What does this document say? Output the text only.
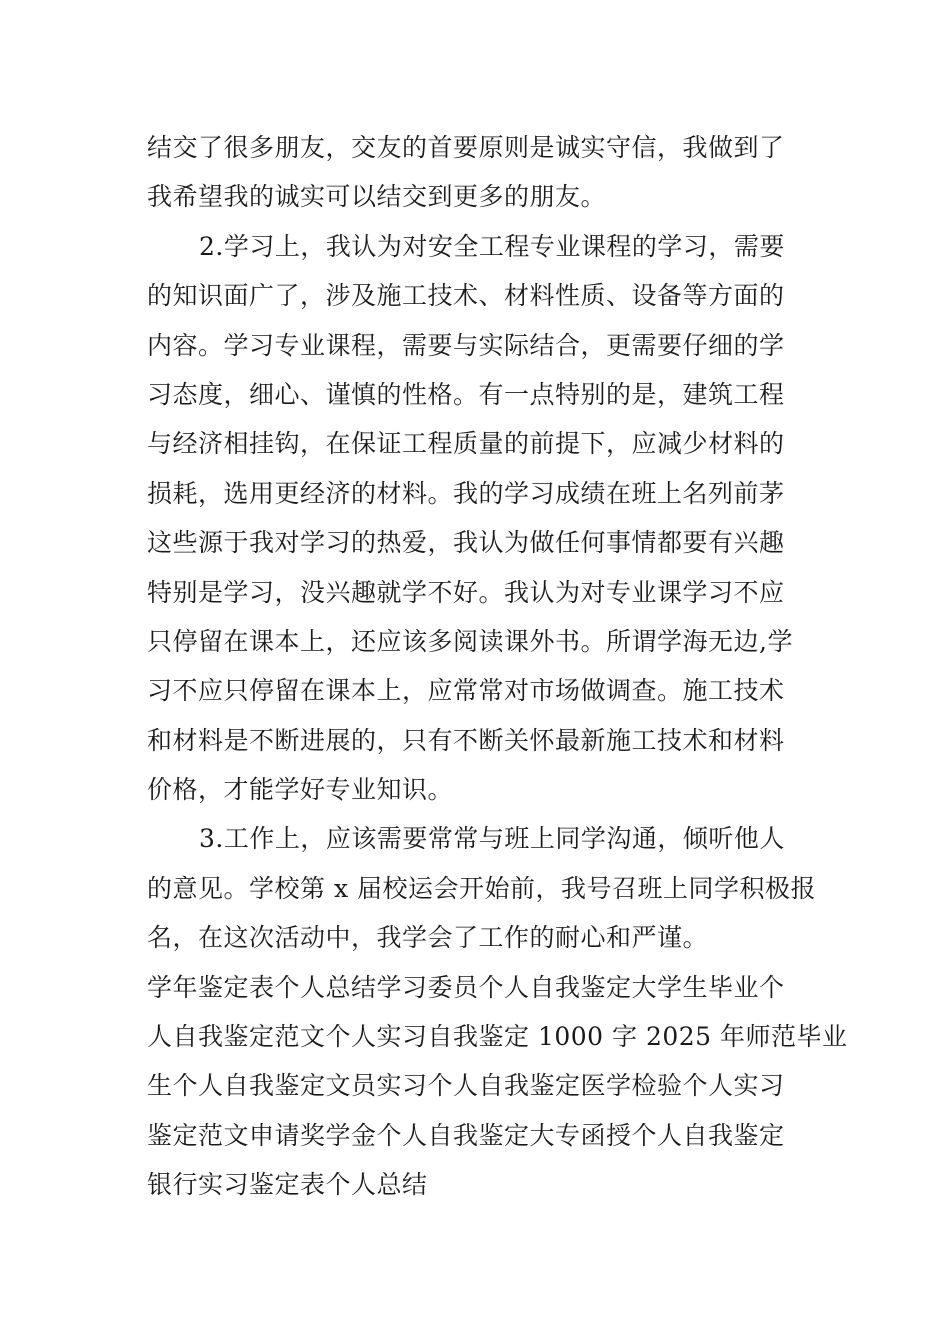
结交了很多朋友，交友的首要原则是诚实守信，我做到了
我希望我的诚实可以结交到更多的朋友。
2.学习上，我认为对安全工程专业课程的学习，需要
的知识面广了，涉及施工技术、材料性质、设备等方面的
内容。学习专业课程，需要与实际结合，更需要仔细的学
习态度，细心、谨慎的性格。有一点特别的是，建筑工程
与经济相挂钩，在保证工程质量的前提下，应减少材料的
损耗，选用更经济的材料。我的学习成绩在班上名列前茅
这些源于我对学习的热爱，我认为做任何事情都要有兴趣
特别是学习，没兴趣就学不好。我认为对专业课学习不应
只停留在课本上，还应该多阅读课外书。所谓学海无边,学
习不应只停留在课本上，应常常对市场做调查。施工技术
和材料是不断进展的，只有不断关怀最新施工技术和材料
价格，才能学好专业知识。
3.工作上，应该需要常常与班上同学沟通，倾听他人
的意见。学校第 x 届校运会开始前，我号召班上同学积极报
名，在这次活动中，我学会了工作的耐心和严谨。
学年鉴定表个人总结学习委员个人自我鉴定大学生毕业个
人自我鉴定范文个人实习自我鉴定 1000 字 2025 年师范毕业
生个人自我鉴定文员实习个人自我鉴定医学检验个人实习
鉴定范文申请奖学金个人自我鉴定大专函授个人自我鉴定
银行实习鉴定表个人总结
